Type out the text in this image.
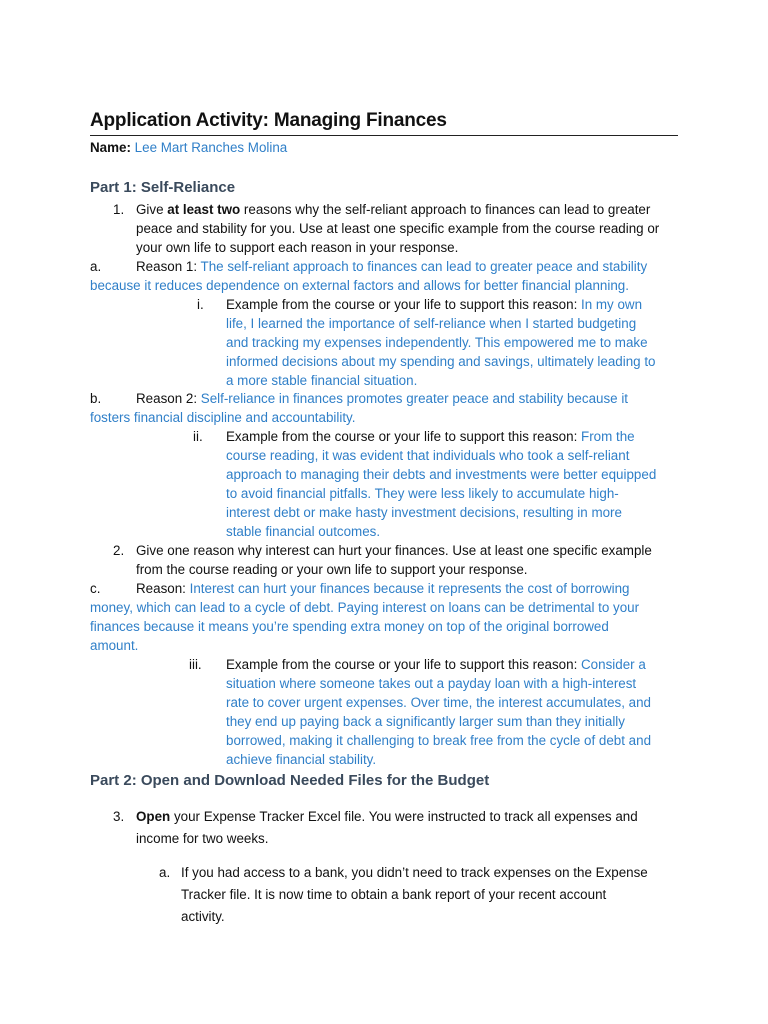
Application Activity: Managing Finances
Name: Lee Mart Ranches Molina
Part 1: Self-Reliance
1. Give at least two reasons why the self-reliant approach to finances can lead to greater
peace and stability for you. Use at least one specific example from the course reading or
your own life to support each reason in your response.
a.	Reason 1: The self-reliant approach to finances can lead to greater peace and stability
because it reduces dependence on external factors and allows for better financial planning.
i. Example from the course or your life to support this reason: In my own
life, I learned the importance of self-reliance when I started budgeting
and tracking my expenses independently. This empowered me to make
informed decisions about my spending and savings, ultimately leading to
a more stable financial situation.
b.	Reason 2: Self-reliance in finances promotes greater peace and stability because it
fosters financial discipline and accountability.
ii. Example from the course or your life to support this reason: From the
course reading, it was evident that individuals who took a self-reliant
approach to managing their debts and investments were better equipped
to avoid financial pitfalls. They were less likely to accumulate high-
interest debt or make hasty investment decisions, resulting in more
stable financial outcomes.
2. Give one reason why interest can hurt your finances. Use at least one specific example
from the course reading or your own life to support your response.
c.	Reason: Interest can hurt your finances because it represents the cost of borrowing
money, which can lead to a cycle of debt. Paying interest on loans can be detrimental to your
finances because it means you’re spending extra money on top of the original borrowed
amount.
iii. Example from the course or your life to support this reason: Consider a
situation where someone takes out a payday loan with a high-interest
rate to cover urgent expenses. Over time, the interest accumulates, and
they end up paying back a significantly larger sum than they initially
borrowed, making it challenging to break free from the cycle of debt and
achieve financial stability.
Part 2: Open and Download Needed Files for the Budget
3. Open your Expense Tracker Excel file. You were instructed to track all expenses and
income for two weeks.
a. If you had access to a bank, you didn’t need to track expenses on the Expense
Tracker file. It is now time to obtain a bank report of your recent account
activity.
